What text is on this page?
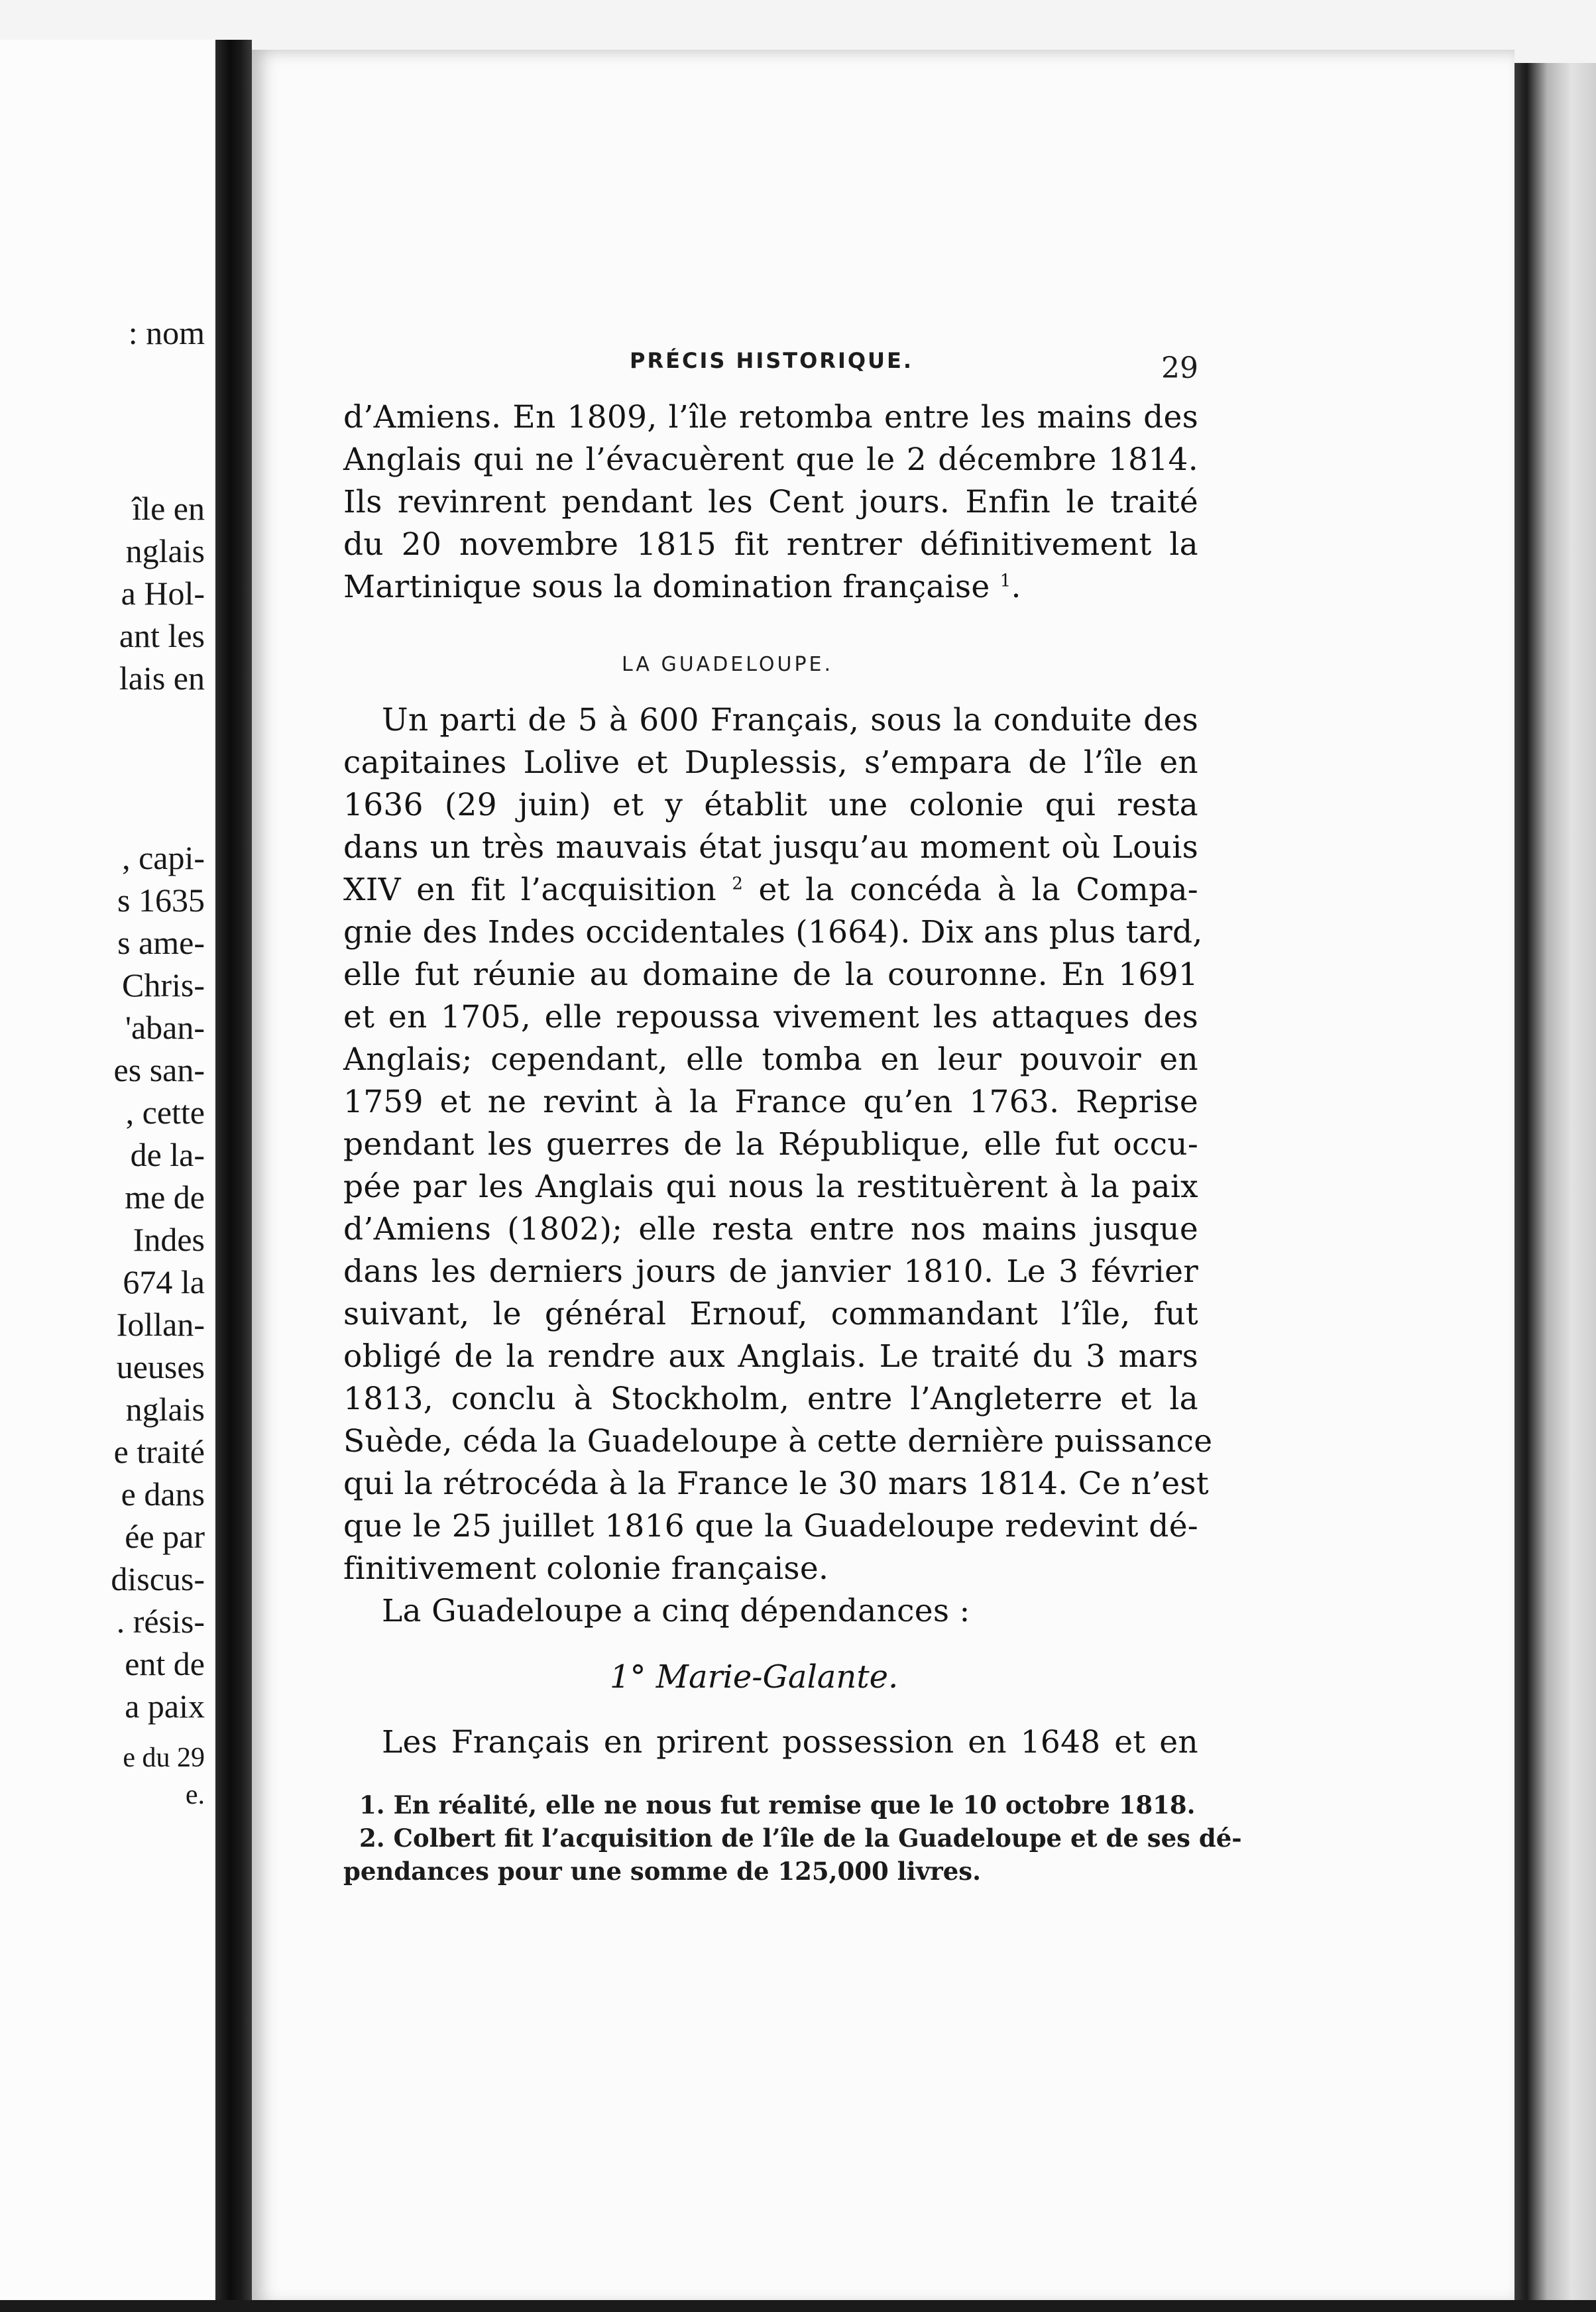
: nom
île en
nglais
a Hol-
ant les
lais en
, capi-
s 1635
s ame-
Chris-
'aban-
es san-
, cette
de la-
me de
Indes
674 la
Iollan-
ueuses
nglais
e traité
e dans
ée par
discus-
. résis-
ent de
a paix
e du 29
e.
PRÉCIS HISTORIQUE.	29
d’Amiens. En 1809, l’île retomba entre les mains des
Anglais qui ne l’évacuèrent que le 2 décembre 1814.
Ils revinrent pendant les Cent jours. Enfin le traité
du 20 novembre 1815 fit rentrer définitivement la
Martinique sous la domination française $^1$.
LA GUADELOUPE.
Un parti de 5 à 600 Français, sous la conduite des
capitaines Lolive et Duplessis, s’empara de l’île en
1636 (29 juin) et y établit une colonie qui resta
dans un très mauvais état jusqu’au moment où Louis
XIV en fit l’acquisition $^2$ et la concéda à la Compa-
gnie des Indes occidentales (1664). Dix ans plus tard,
elle fut réunie au domaine de la couronne. En 1691
et en 1705, elle repoussa vivement les attaques des
Anglais; cependant, elle tomba en leur pouvoir en
1759 et ne revint à la France qu’en 1763. Reprise
pendant les guerres de la République, elle fut occu-
pée par les Anglais qui nous la restituèrent à la paix
d’Amiens (1802); elle resta entre nos mains jusque
dans les derniers jours de janvier 1810. Le 3 février
suivant, le général Ernouf, commandant l’île, fut
obligé de la rendre aux Anglais. Le traité du 3 mars
1813, conclu à Stockholm, entre l’Angleterre et la
Suède, céda la Guadeloupe à cette dernière puissance
qui la rétrocéda à la France le 30 mars 1814. Ce n’est
que le 25 juillet 1816 que la Guadeloupe redevint dé-
finitivement colonie française.
La Guadeloupe a cinq dépendances :
1° Marie-Galante.
Les Français en prirent possession en 1648 et en
1. En réalité, elle ne nous fut remise que le 10 octobre 1818.
2. Colbert fit l’acquisition de l’île de la Guadeloupe et de ses dé-
pendances pour une somme de 125,000 livres.
